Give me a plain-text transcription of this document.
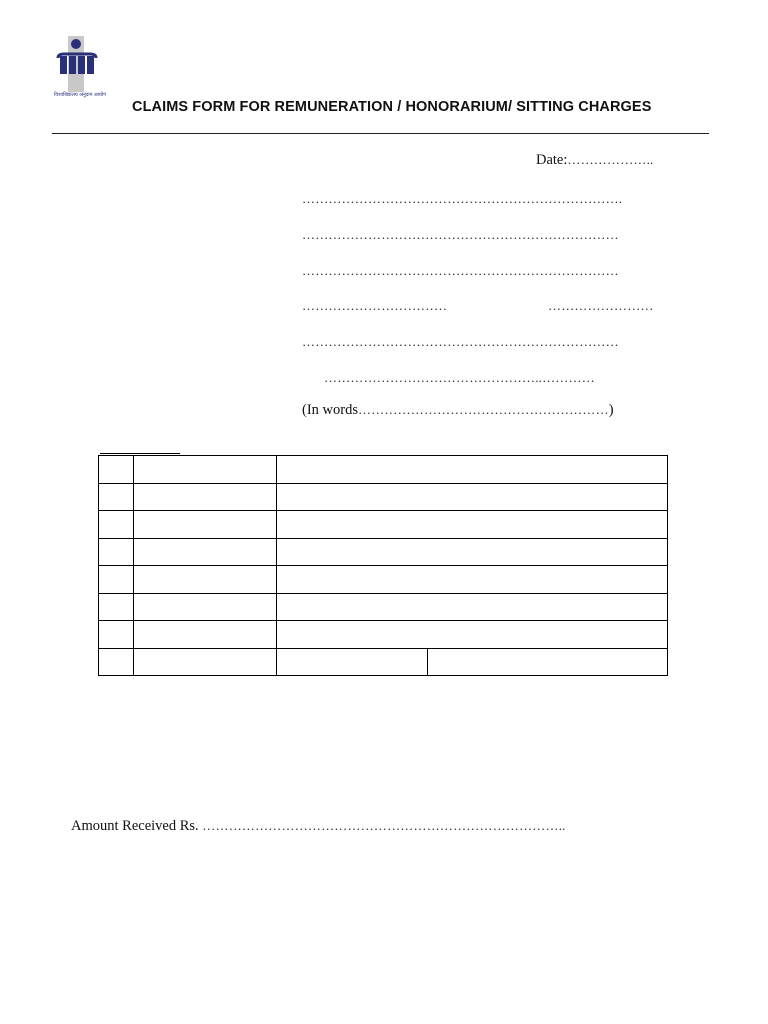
विश्वविद्यालय अनुदान आयोग
CLAIMS FORM FOR REMUNERATION / HONORARIUM/ SITTING CHARGES
Date:………………..
……………………………………………………………….
………………………………………………………………
………………………………………………………………
……………………………	……………………
………………………………………………………………
…………………………………………..…………
(In words…………………………………………………)

Amount Received Rs. ………………………………………………………………………..
